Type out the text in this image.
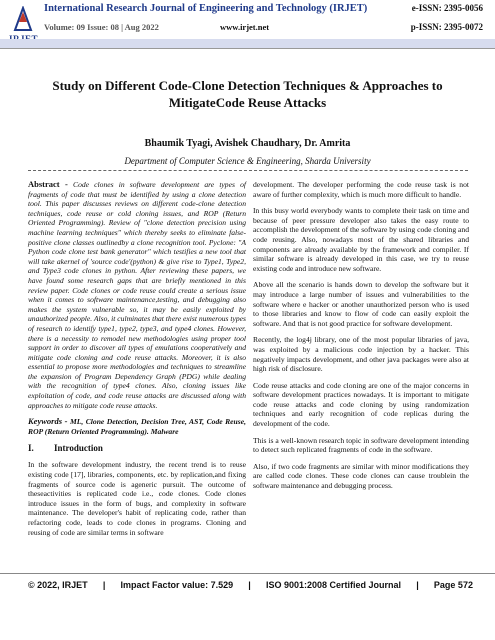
International Research Journal of Engineering and Technology (IRJET)	e-ISSN: 2395-0056
Volume: 09 Issue: 08 | Aug 2022	www.irjet.net	p-ISSN: 2395-0072
Study on Different Code-Clone Detection Techniques & Approaches to MitigateCode Reuse Attacks
Bhaumik Tyagi, Avishek Chaudhary, Dr. Amrita
Department of Computer Science & Engineering, Sharda University

Abstract - Code clones in software development are types of fragments of code that must be identified by using a clone detection tool. This paper discusses reviews on different code-clone detection techniques, code reuse or cold cloning issues, and ROP (Return Oriented Programming). Review of "clone detection precision using machine learning techniques" which thereby seeks to eliminate false-positive clone classes outlinedby a clone recognition tool. Pyclone: "A Python code clone test bank generator" which testifies a new tool that will take akernel of 'source code'(python) & give rise to Type1, Type2, and Type3 code clones in python. After reviewing these papers, we have found some research gaps that are briefly mentioned in this review paper. Code clones or code reuse could create a serious issue when it comes to software maintenance,testing, and debugging also makes the system vulnerable so, it may be easily exploited by unauthorized people. Also, it culminates that there exist numerous types of research to identify type1, type2, type3, and type4 clones. However, there is a necessity to remodel new methodologies using proper tool support in order to discover all types of emulations cooperatively and mitigate code cloning and code reuse attacks. Moreover, it is also essential to propose more methodologies and techniques to streamline the expansion of Program Dependency Graph (PDG) while dealing with the recognition of type4 clones. Also, cloning issues like exploitation of code, and code reuse attacks are discussed along with approaches to mitigate code reuse attacks.

Keywords - ML, Clone Detection, Decision Tree, AST, Code Reuse, ROP (Return Oriented Programming). Malware

I. Introduction

In the software development industry, the recent trend is to reuse existing code [17], libraries, components, etc. by replication,and fixing fragments of source code is ageneric pursuit. The outcome of theseactivities is replicated code i.e., code clones. Code clones introduce issues in the form of bugs, and complexity in software maintenance. The developer's habit of replicating code, rather than refactoring code, leads to code clones in programs. Cloning and reusing of code are similar terms in software

development. The developer performing the code reuse task is not aware of further complexity, which is much more difficult to handle.

In this busy world everybody wants to complete their task on time and because of peer pressure developer also takes the easy route to accomplish the development of the software by using code cloning and code reusing. Also, nowadays most of the shared libraries and components are already available by the framework and compiler. If similar software is already developed in this case, we try to reuse existing code and introduce new software.

Above all the scenario is hands down to develop the software but it may introduce a large number of issues and vulnerabilities to the software where e hacker or another unauthorized person who is used to those libraries and know to flow of code can easily exploit the software. And that is not good practice for software development.

Recently, the log4j library, one of the most popular libraries of java, was exploited by a malicious code injection by a hacker. This negatively impacts development, and other java packages were also at high risk of disclosure.

Code reuse attacks and code cloning are one of the major concerns in software development practices nowadays. It is important to mitigate code reuse attacks and code cloning by using randomization techniques and early recognition of code replicas during the development of the code.

This is a well-known research topic in software development intending to detect such replicated fragments of code in the software.

Also, if two code fragments are similar with minor modifications they are called code clones. These code clones can cause troublein the software maintenance and debugging process.

© 2022, IRJET | Impact Factor value: 7.529 | ISO 9001:2008 Certified Journal | Page 572
